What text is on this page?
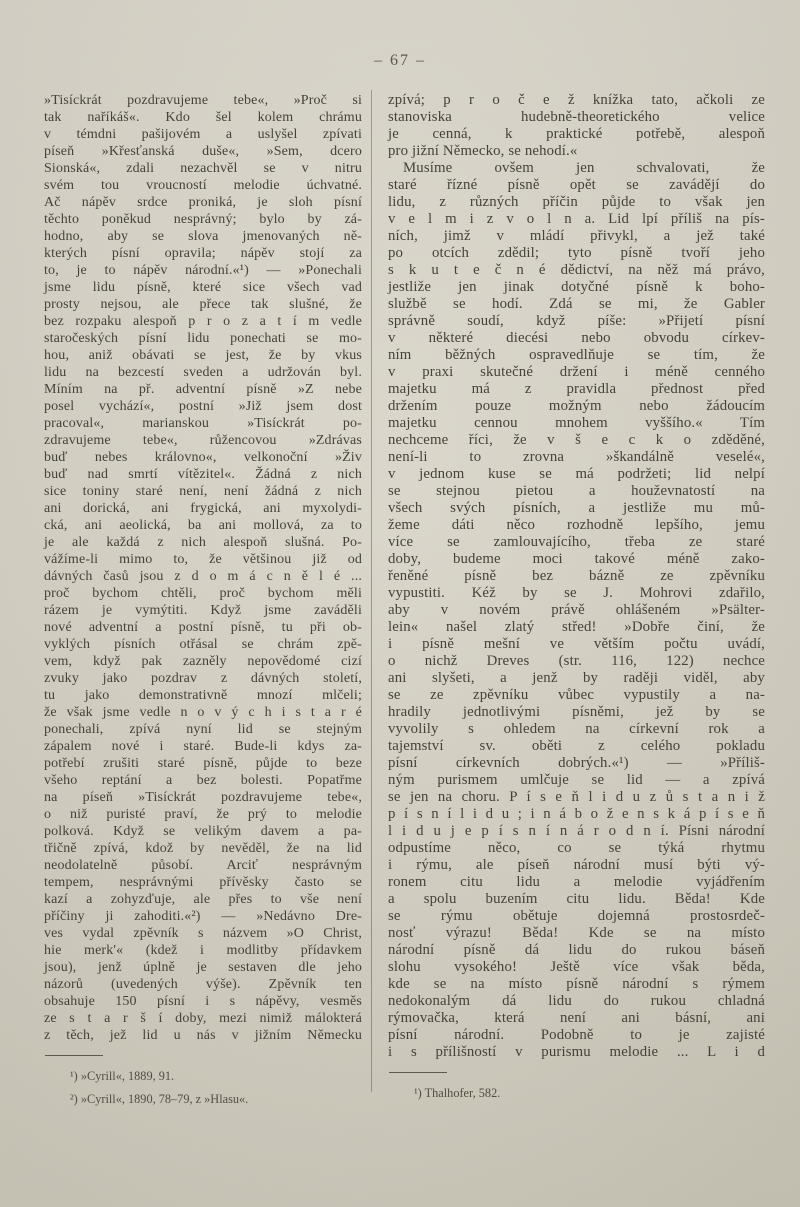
– 67 –
»Tisíckrát pozdravujeme tebe«, »Proč si
tak naříkáš«. Kdo šel kolem chrámu
v témdni pašijovém a uslyšel zpívati
píseň »Křesťanská duše«, »Sem, dcero
Sionská«, zdali nezachvěl se v nitru
svém tou vroucností melodie úchvatné.
Ač nápěv srdce proniká, je sloh písní
těchto poněkud nesprávný; bylo by zá-
hodno, aby se slova jmenovaných ně-
kterých písní opravila; nápěv stojí za
to, je to nápěv národní.«¹) — »Ponechali
jsme lidu písně, které sice všech vad
prosty nejsou, ale přece tak slušné, že
bez rozpaku alespoň p r o z a t í m vedle
staročeských písní lidu ponechati se mo-
hou, aniž obávati se jest, že by vkus
lidu na bezcestí sveden a udržován byl.
Míním na př. adventní písně »Z nebe
posel vychází«, postní »Již jsem dost
pracoval«, marianskou »Tisíckrát po-
zdravujeme tebe«, růžencovou »Zdrávas
buď nebes královno«, velkonoční »Živ
buď nad smrtí vítězitel«. Žádná z nich
sice toniny staré není, není žádná z nich
ani dorická, ani frygická, ani myxolydi-
cká, ani aeolická, ba ani mollová, za to
je ale každá z nich alespoň slušná. Po-
vážíme-li mimo to, že většinou již od
dávných časů jsou z d o m á c n ě l é ...
proč bychom chtěli, proč bychom měli
rázem je vymýtiti. Když jsme zaváděli
nové adventní a postní písně, tu při ob-
vyklých písních otřásal se chrám zpě-
vem, když pak zazněly nepovědomé cizí
zvuky jako pozdrav z dávných století,
tu jako demonstrativně mnozí mlčeli;
že však jsme vedle n o v ý c h i s t a r é
ponechali, zpívá nyní lid se stejným
zápalem nové i staré. Bude-li kdys za-
potřebí zrušiti staré písně, půjde to beze
všeho reptání a bez bolesti. Popatřme
na píseň »Tisíckrát pozdravujeme tebe«,
o niž puristé praví, že prý to melodie
polková. Když se velikým davem a pa-
třičně zpívá, kdož by nevěděl, že na lid
neodolatelně působí. Arciť nesprávným
tempem, nesprávnými přívěsky často se
kazí a zohyzďuje, ale přes to vše není
příčiny ji zahoditi.«²) — »Nedávno Dre-
ves vydal zpěvník s názvem »O Christ,
hie merk'« (kdež i modlitby přídavkem
jsou), jenž úplně je sestaven dle jeho
názorů (uvedených výše). Zpěvník ten
obsahuje 150 písní i s nápěvy, vesměs
ze s t a r š í doby, mezi nimiž málokterá
z těch, jež lid u nás v jižním Německu
¹) »Cyrill«, 1889, 91.
²) »Cyrill«, 1890, 78–79, z »Hlasu«.
zpívá; p r o č e ž knížka tato, ačkoli ze
stanoviska hudebně-theoretického velice
je cenná, k praktické potřebě, alespoň
pro jižní Německo, se nehodí.«
Musíme ovšem jen schvalovati, že
staré řízné písně opět se zavádějí do
lidu, z různých příčin půjde to však jen
v e l m i z v o l n a. Lid lpí příliš na pís-
ních, jimž v mládí přivykl, a jež také
po otcích zdědil; tyto písně tvoří jeho
s k u t e č n é dědictví, na něž má právo,
jestliže jen jinak dotyčné písně k boho-
službě se hodí. Zdá se mi, že Gabler
správně soudí, když píše: »Přijetí písní
v některé diecési nebo obvodu církev-
ním běžných ospravedlňuje se tím, že
v praxi skutečné držení i méně cenného
majetku má z pravidla přednost před
držením pouze možným nebo žádoucím
majetku cennou mnohem vyššího.« Tím
nechceme říci, že v š e c k o zděděné,
není-li to zrovna »škandálně veselé«,
v jednom kuse se má podržeti; lid nelpí
se stejnou pietou a houževnatostí na
všech svých písních, a jestliže mu mů-
žeme dáti něco rozhodně lepšího, jemu
více se zamlouvajícího, třeba ze staré
doby, budeme moci takové méně zako-
řeněné písně bez bázně ze zpěvníku
vypustiti. Kéž by se J. Mohrovi zdařilo,
aby v novém právě ohlášeném »Psälter-
lein« našel zlatý střed! »Dobře činí, že
i písně mešní ve větším počtu uvádí,
o nichž Dreves (str. 116, 122) nechce
ani slyšeti, a jenž by raději viděl, aby
se ze zpěvníku vůbec vypustily a na-
hradily jednotlivými písněmi, jež by se
vyvolily s ohledem na církevní rok a
tajemství sv. oběti z celého pokladu
písní církevních dobrých.«¹) — »Příliš-
ným purismem umlčuje se lid — a zpívá
se jen na choru. P í s e ň l i d u z ů s t a n i ž
p í s n í l i d u ; i n á b o ž e n s k á p í s e ň
l i d u j e p í s n í n á r o d n í. Písni národní
odpustíme něco, co se týká rhytmu
i rýmu, ale píseň národní musí býti vý-
ronem citu lidu a melodie vyjádřením
a spolu buzením citu lidu. Běda! Kde
se rýmu obětuje dojemná prostosrdeč-
nosť výrazu! Běda! Kde se na místo
národní písně dá lidu do rukou báseň
slohu vysokého! Ještě více však běda,
kde se na místo písně národní s rýmem
nedokonalým dá lidu do rukou chladná
rýmovačka, která není ani básní, ani
písní národní. Podobně to je zajisté
i s přílišností v purismu melodie ... L i d
¹) Thalhofer, 582.
